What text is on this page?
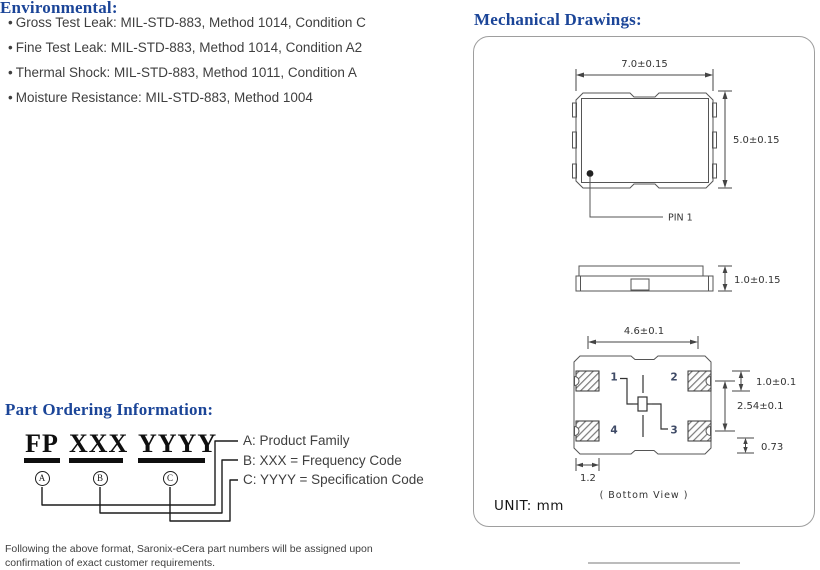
Environmental:
• Gross Test Leak: MIL-STD-883, Method 1014, Condition C
• Fine Test Leak: MIL-STD-883, Method 1014, Condition A2
• Thermal Shock: MIL-STD-883, Method 1011, Condition A
• Moisture Resistance: MIL-STD-883, Method 1004
Mechanical Drawings:
7.0±0.15
5.0±0.15
PIN 1
1.0±0.15
4.6±0.1
1	2
3
4
1.0±0.1
2.54±0.1
0.73
1.2
( Bottom View )
UNIT: mm
Part Ordering Information:
FP XXX YYYY
A	B	C
A: Product Family
B: XXX = Frequency Code
C: YYYY = Specification Code
Following the above format, Saronix-eCera part numbers will be assigned upon
confirmation of exact customer requirements.
